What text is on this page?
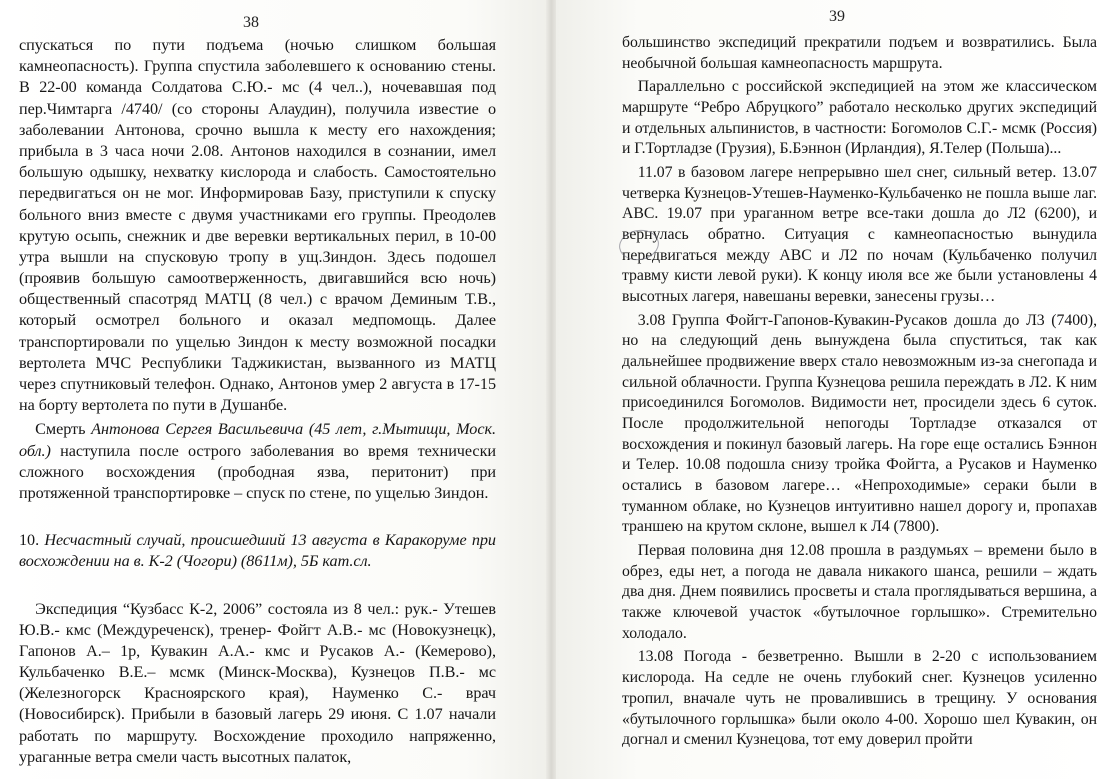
38

спускаться по пути подъема (ночью слишком большая камнеопасность). Группа спустила заболевшего к основанию стены. В 22-00 команда Солдатова С.Ю.- мс (4 чел..), ночевавшая под пер.Чимтарга /4740/ (со стороны Алаудин), получила известие о заболевании Антонова, срочно вышла к месту его нахождения; прибыла в 3 часа ночи 2.08. Антонов находился в сознании, имел большую одышку, нехватку кислорода и слабость. Самостоятельно передвигаться он не мог. Информировав Базу, приступили к спуску больного вниз вместе с двумя участниками его группы. Преодолев крутую осыпь, снежник и две веревки вертикальных перил, в 10-00 утра вышли на спусковую тропу в ущ.Зиндон. Здесь подошел (проявив большую самоотверженность, двигавшийся всю ночь) общественный спасотряд МАТЦ (8 чел.) с врачом Деминым Т.В., который осмотрел больного и оказал медпомощь. Далее транспортировали по ущелью Зиндон к месту возможной посадки вертолета МЧС Республики Таджикистан, вызванного из МАТЦ через спутниковый телефон. Однако, Антонов умер 2 августа в 17-15 на борту вертолета по пути в Душанбе.

 Смерть Антонова Сергея Васильевича (45 лет, г.Мытищи, Моск. обл.) наступила после острого заболевания во время технически сложного восхождения (прободная язва, перитонит) при протяженной транспортировке – спуск по стене, по ущелью Зиндон.

10. Несчастный случай, происшедший 13 августа в Каракоруме при восхождении на в. К-2 (Чогори) (8611м), 5Б кат.сл.

 Экспедиция “Кузбасс К-2, 2006” состояла из 8 чел.: рук.- Утешев Ю.В.- кмс (Междуреченск), тренер- Фойгт А.В.- мс (Новокузнецк), Гапонов А.– 1р, Кувакин А.А.- кмс и Русаков А.- (Кемерово), Кульбаченко В.Е.– мсмк (Минск-Москва), Кузнецов П.В.- мс (Железногорск Красноярского края), Науменко С.- врач (Новосибирск). Прибыли в базовый лагерь 29 июня. С 1.07 начали работать по маршруту. Восхождение проходило напряженно, ураганные ветра смели часть высотных палаток,

39

большинство экспедиций прекратили подъем и возвратились. Была необычной большая камнеопасность маршрута.

 Параллельно с российской экспедицией на этом же классическом маршруте “Ребро Абруцкого” работало несколько других экспедиций и отдельных альпинистов, в частности: Богомолов С.Г.- мсмк (Россия) и Г.Тортладзе (Грузия), Б.Бэннон (Ирландия), Я.Телер (Польша)...

 11.07 в базовом лагере непрерывно шел снег, сильный ветер. 13.07 четверка Кузнецов-Утешев-Науменко-Кульбаченко не пошла выше лаг. АВС. 19.07 при ураганном ветре все-таки дошла до Л2 (6200), и вернулась обратно. Ситуация с камнеопасностью вынудила передвигаться между АВС и Л2 по ночам (Кульбаченко получил травму кисти левой руки). К концу июля все же были установлены 4 высотных лагеря, навешаны веревки, занесены грузы…

 3.08 Группа Фойгт-Гапонов-Кувакин-Русаков дошла до Л3 (7400), но на следующий день вынуждена была спуститься, так как дальнейшее продвижение вверх стало невозможным из-за снегопада и сильной облачности. Группа Кузнецова решила переждать в Л2. К ним присоединился Богомолов. Видимости нет, просидели здесь 6 суток. После продолжительной непогоды Тортладзе отказался от восхождения и покинул базовый лагерь. На горе еще остались Бэннон и Телер. 10.08 подошла снизу тройка Фойгта, а Русаков и Науменко остались в базовом лагере… «Непроходимые» сераки были в туманном облаке, но Кузнецов интуитивно нашел дорогу и, пропахав траншею на крутом склоне, вышел к Л4 (7800).

 Первая половина дня 12.08 прошла в раздумьях – времени было в обрез, еды нет, а погода не давала никакого шанса, решили – ждать два дня. Днем появились просветы и стала проглядываться вершина, а также ключевой участок «бутылочное горлышко». Стремительно холодало.

 13.08 Погода - безветренно. Вышли в 2-20 с использованием кислорода. На седле не очень глубокий снег. Кузнецов усиленно тропил, вначале чуть не провалившись в трещину. У основания «бутылочного горлышка» были около 4-00. Хорошо шел Кувакин, он догнал и сменил Кузнецова, тот ему доверил пройти
